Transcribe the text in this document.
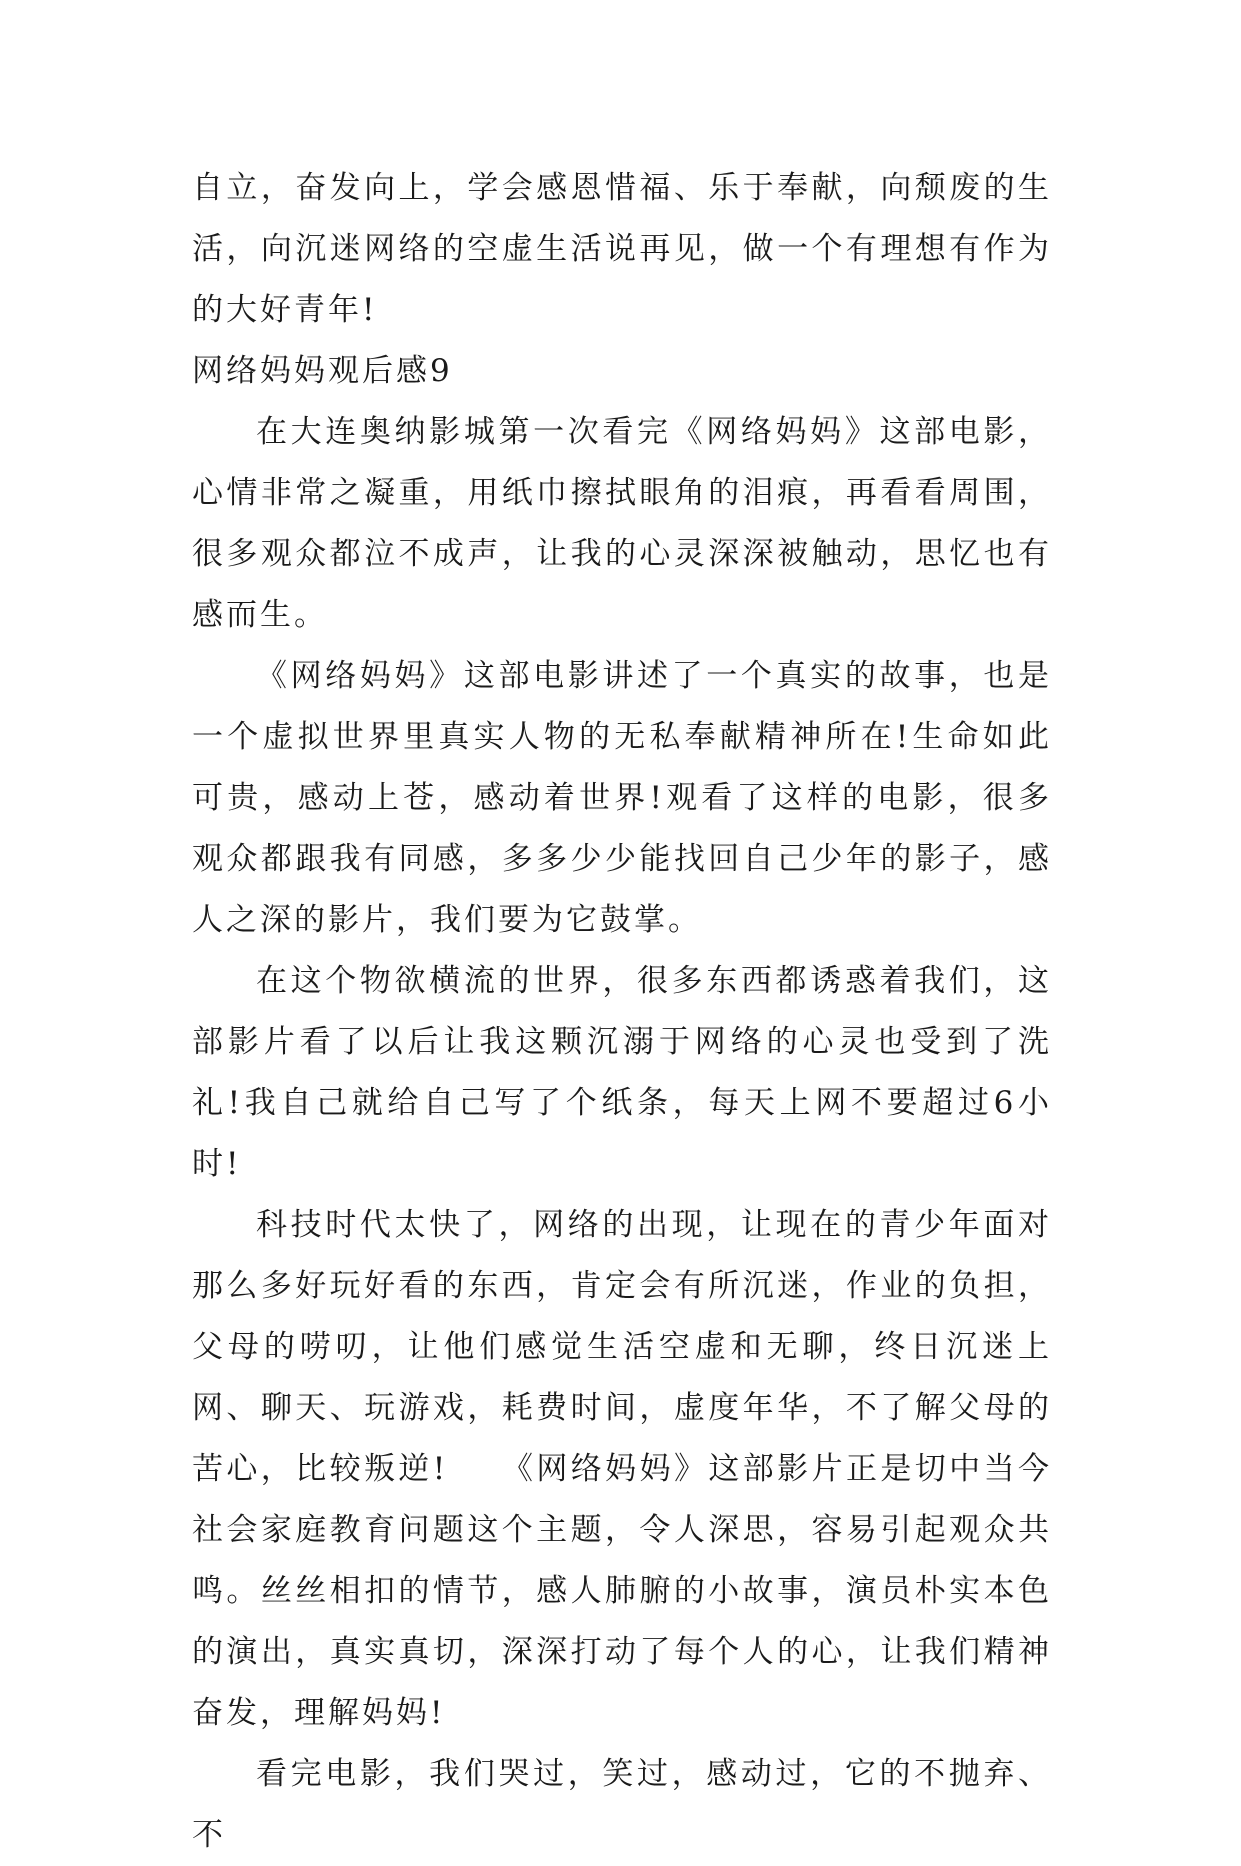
自立，奋发向上，学会感恩惜福、乐于奉献，向颓废的生活，向沉迷网络的空虚生活说再见，做一个有理想有作为的大好青年!

网络妈妈观后感9

在大连奥纳影城第一次看完《网络妈妈》这部电影，心情非常之凝重，用纸巾擦拭眼角的泪痕，再看看周围，很多观众都泣不成声，让我的心灵深深被触动，思忆也有感而生。

《网络妈妈》这部电影讲述了一个真实的故事，也是一个虚拟世界里真实人物的无私奉献精神所在!生命如此可贵，感动上苍，感动着世界!观看了这样的电影，很多观众都跟我有同感，多多少少能找回自己少年的影子，感人之深的影片，我们要为它鼓掌。

在这个物欲横流的世界，很多东西都诱惑着我们，这部影片看了以后让我这颗沉溺于网络的心灵也受到了洗礼!我自己就给自己写了个纸条，每天上网不要超过6小时!

科技时代太快了，网络的出现，让现在的青少年面对那么多好玩好看的东西，肯定会有所沉迷，作业的负担，父母的唠叨，让他们感觉生活空虚和无聊，终日沉迷上网、聊天、玩游戏，耗费时间，虚度年华，不了解父母的苦心，比较叛逆!　　《网络妈妈》这部影片正是切中当今社会家庭教育问题这个主题，令人深思，容易引起观众共鸣。丝丝相扣的情节，感人肺腑的小故事，演员朴实本色的演出，真实真切，深深打动了每个人的心，让我们精神奋发，理解妈妈!

看完电影，我们哭过，笑过，感动过，它的不抛弃、不
